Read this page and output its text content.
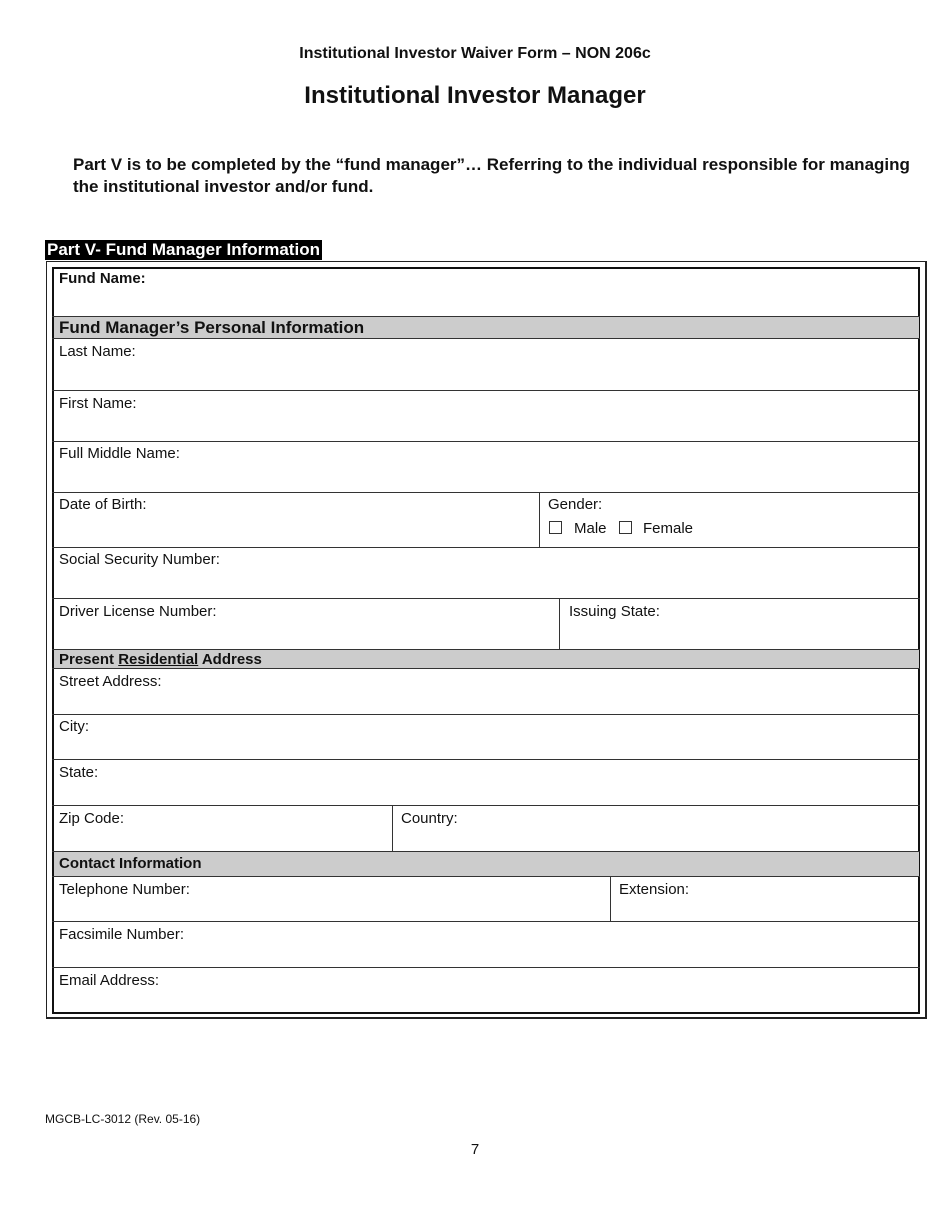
Institutional Investor Waiver Form – NON 206c
Institutional Investor Manager
Part V is to be completed by the “fund manager”… Referring to the individual responsible for managing the institutional investor and/or fund.
Part V- Fund Manager Information
Fund Manager’s Personal Information
Present Residential Address
Contact Information
Fund Name:
Last Name:
First Name:
Full Middle Name:
Date of Birth:	Gender:
Male Female
Social Security Number:
Driver License Number:	Issuing State:
Street Address:
City:
State:
Zip Code:	Country:
Telephone Number:	Extension:
Facsimile Number:
Email Address:
MGCB-LC-3012 (Rev. 05-16)
7
